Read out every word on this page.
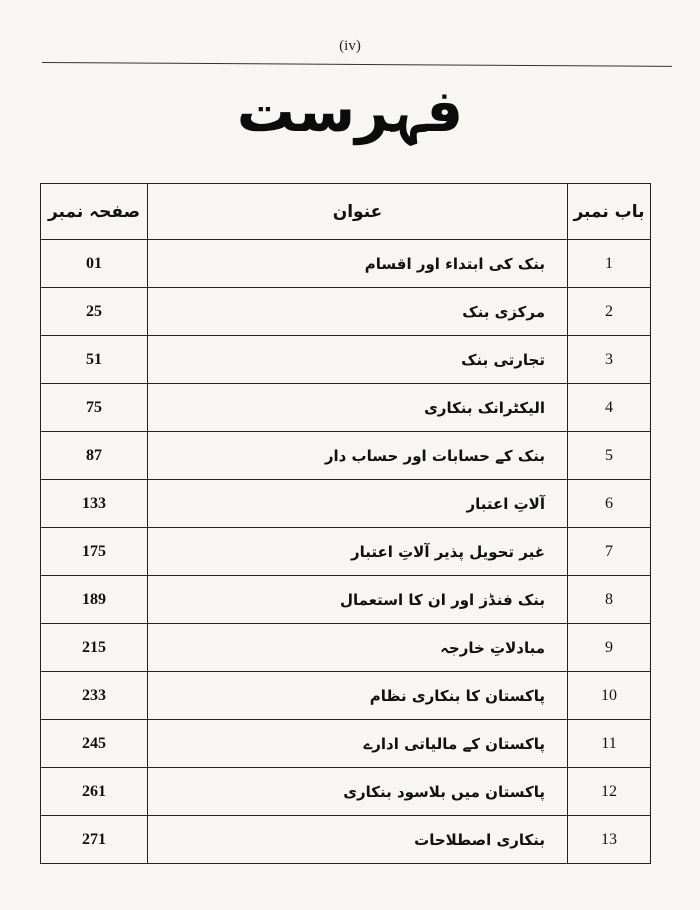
(iv)
فہرست
صفحہ نمبر	عنوان	باب نمبر
01	بنک کی ابتداء اور اقسام	1
25	مرکزی بنک	2
51	تجارتی بنک	3
75	الیکٹرانک بنکاری	4
87	بنک کے حسابات اور حساب دار	5
133	آلاتِ اعتبار	6
175	غیر تحویل پذیر آلاتِ اعتبار	7
189	بنک فنڈز اور ان کا استعمال	8
215	مبادلاتِ خارجہ	9
233	پاکستان کا بنکاری نظام	10
245	پاکستان کے مالیاتی ادارے	11
261	پاکستان میں بلاسود بنکاری	12
271	بنکاری اصطلاحات	13
